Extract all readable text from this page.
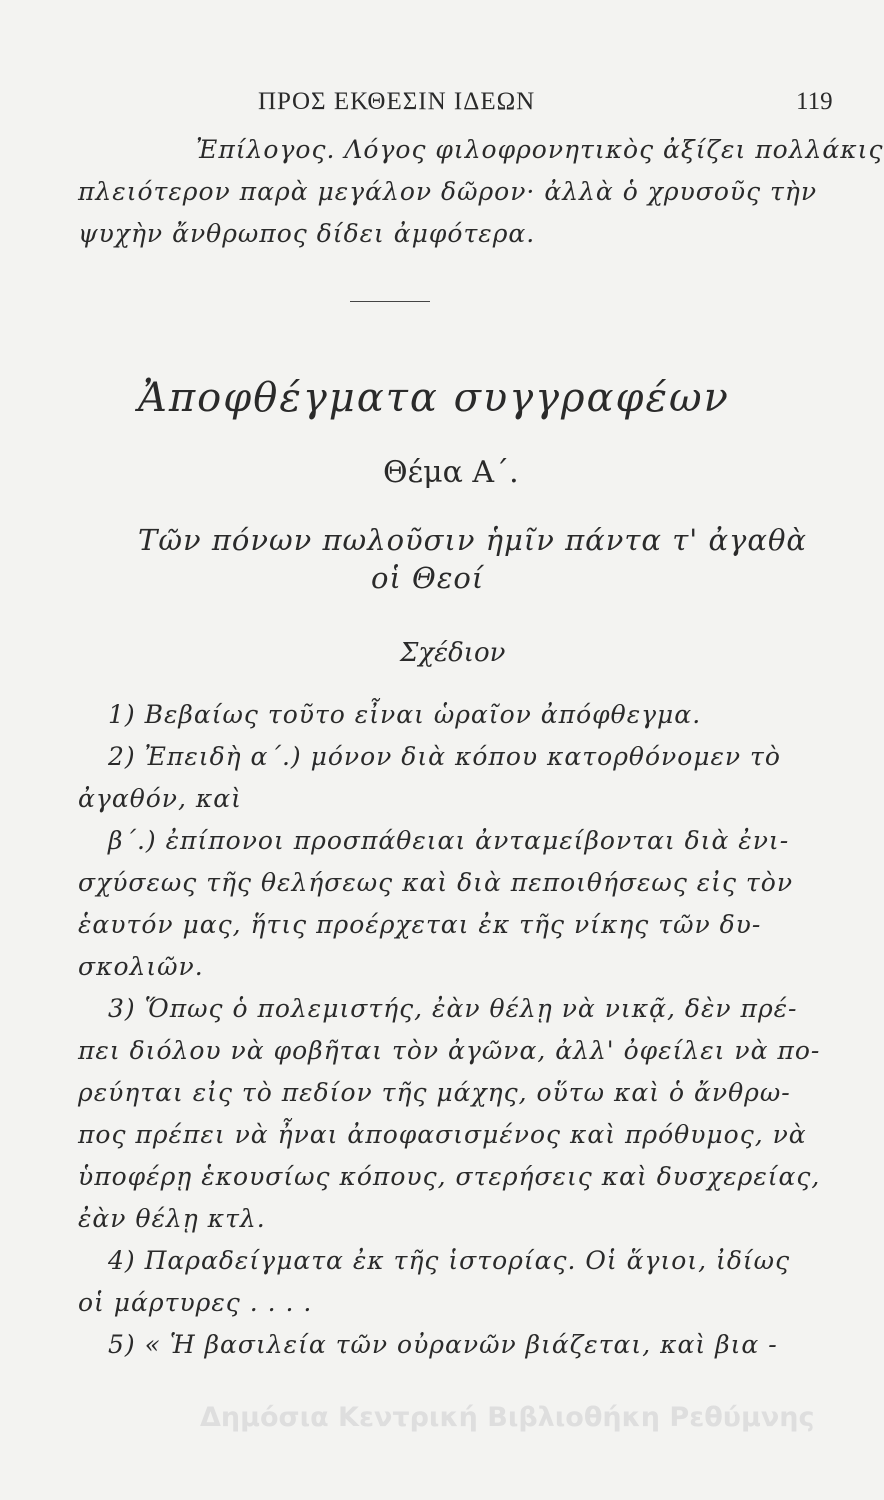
ΠΡΟΣ ΕΚΘΕΣΙΝ ΙΔΕΩΝ	119
Ἐπίλογος. Λόγος φιλοφρονητικὸς ἀξίζει πολλάκις
πλειότερον παρὰ μεγάλον δῶρον· ἀλλὰ ὁ χρυσοῦς τὴν
ψυχὴν ἄνθρωπος δίδει ἀμφότερα.
Ἀποφθέγματα συγγραφέων
Θέμα Α΄.
Τῶν πόνων πωλοῦσιν ἡμῖν πάντα τ' ἀγαθὰ
οἱ Θεοί
Σχέδιον
1) Βεβαίως τοῦτο εἶναι ὡραῖον ἀπόφθεγμα.
2) Ἐπειδὴ α΄.) μόνον διὰ κόπου κατορθόνομεν τὸ
ἀγαθόν, καὶ
β΄.) ἐπίπονοι προσπάθειαι ἀνταμείβονται διὰ ἐνι-
σχύσεως τῆς θελήσεως καὶ διὰ πεποιθήσεως εἰς τὸν
ἑαυτόν μας, ἥτις προέρχεται ἐκ τῆς νίκης τῶν δυ-
σκολιῶν.
3) Ὅπως ὁ πολεμιστής, ἐὰν θέλῃ νὰ νικᾷ, δὲν πρέ-
πει διόλου νὰ φοβῆται τὸν ἀγῶνα, ἀλλ' ὀφείλει νὰ πο-
ρεύηται εἰς τὸ πεδίον τῆς μάχης, οὕτω καὶ ὁ ἄνθρω-
πος πρέπει νὰ ἦναι ἀποφασισμένος καὶ πρόθυμος, νὰ
ὑποφέρῃ ἑκουσίως κόπους, στερήσεις καὶ δυσχερείας,
ἐὰν θέλῃ κτλ.
4) Παραδείγματα ἐκ τῆς ἱστορίας. Οἱ ἅγιοι, ἰδίως
οἱ μάρτυρες . . . .
5) « Ἡ βασιλεία τῶν οὐρανῶν βιάζεται, καὶ βια -
Δημόσια Κεντρική Βιβλιοθήκη Ρεθύμνης
